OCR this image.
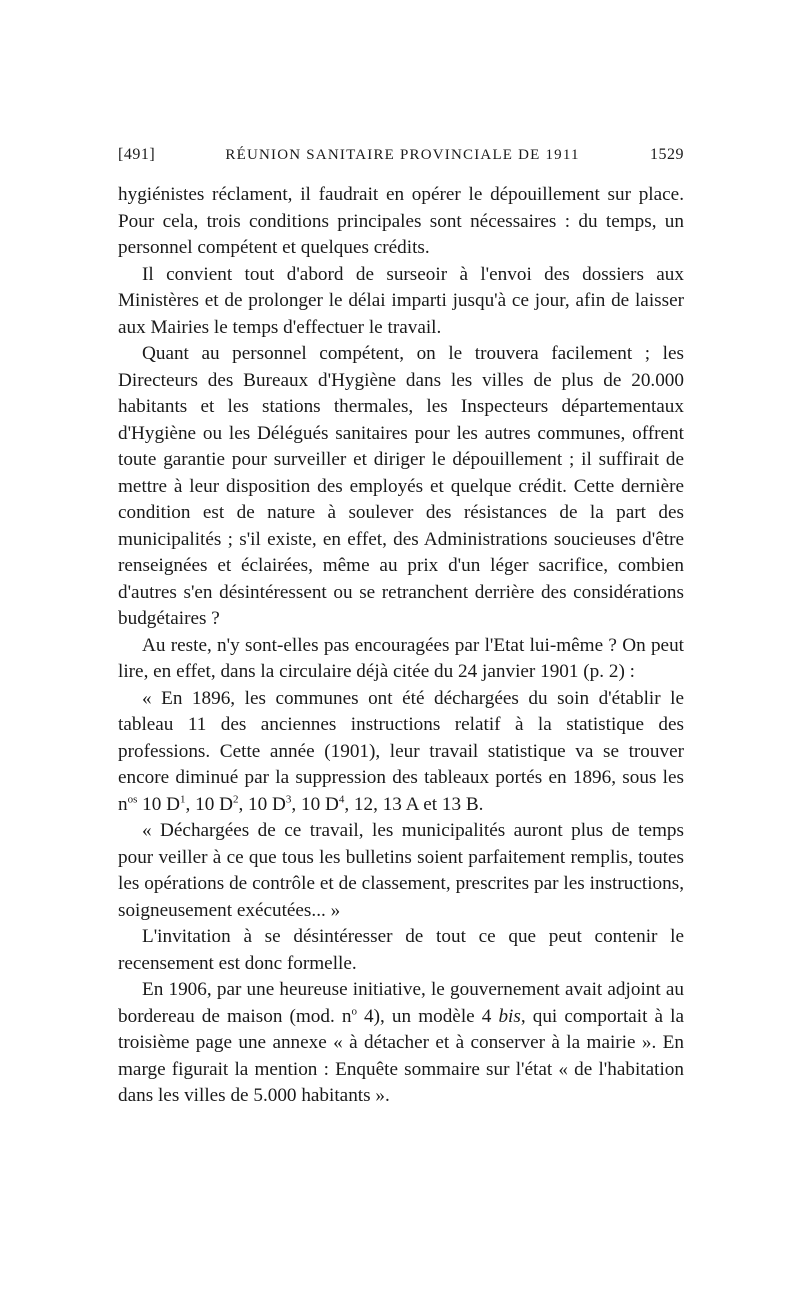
[491]	RÉUNION SANITAIRE PROVINCIALE DE 1911	1529

hygiénistes réclament, il faudrait en opérer le dépouillement sur place. Pour cela, trois conditions principales sont nécessaires : du temps, un personnel compétent et quelques crédits.

Il convient tout d'abord de surseoir à l'envoi des dossiers aux Ministères et de prolonger le délai imparti jusqu'à ce jour, afin de laisser aux Mairies le temps d'effectuer le travail.

Quant au personnel compétent, on le trouvera facilement ; les Directeurs des Bureaux d'Hygiène dans les villes de plus de 20.000 habitants et les stations thermales, les Inspecteurs départementaux d'Hygiène ou les Délégués sanitaires pour les autres communes, offrent toute garantie pour surveiller et diriger le dépouillement ; il suffirait de mettre à leur disposition des employés et quelque crédit. Cette dernière condition est de nature à soulever des résistances de la part des municipalités ; s'il existe, en effet, des Administrations soucieuses d'être renseignées et éclairées, même au prix d'un léger sacrifice, combien d'autres s'en désintéressent ou se retranchent derrière des considérations budgétaires ?

Au reste, n'y sont-elles pas encouragées par l'Etat lui-même ? On peut lire, en effet, dans la circulaire déjà citée du 24 janvier 1901 (p. 2) :

« En 1896, les communes ont été déchargées du soin d'établir le tableau 11 des anciennes instructions relatif à la statistique des professions. Cette année (1901), leur travail statistique va se trouver encore diminué par la suppression des tableaux portés en 1896, sous les $n^{os}$ 10 $D^1$, 10 $D^2$, 10 $D^3$, 10 $D^4$, 12, 13 A et 13 B.

« Déchargées de ce travail, les municipalités auront plus de temps pour veiller à ce que tous les bulletins soient parfaitement remplis, toutes les opérations de contrôle et de classement, prescrites par les instructions, soigneusement exécutées... »

L'invitation à se désintéresser de tout ce que peut contenir le recensement est donc formelle.

En 1906, par une heureuse initiative, le gouvernement avait adjoint au bordereau de maison (mod. $n^o$ 4), un modèle 4 bis, qui comportait à la troisième page une annexe « à détacher et à conserver à la mairie ». En marge figurait la mention : Enquête sommaire sur l'état « de l'habitation dans les villes de 5.000 habitants ».
